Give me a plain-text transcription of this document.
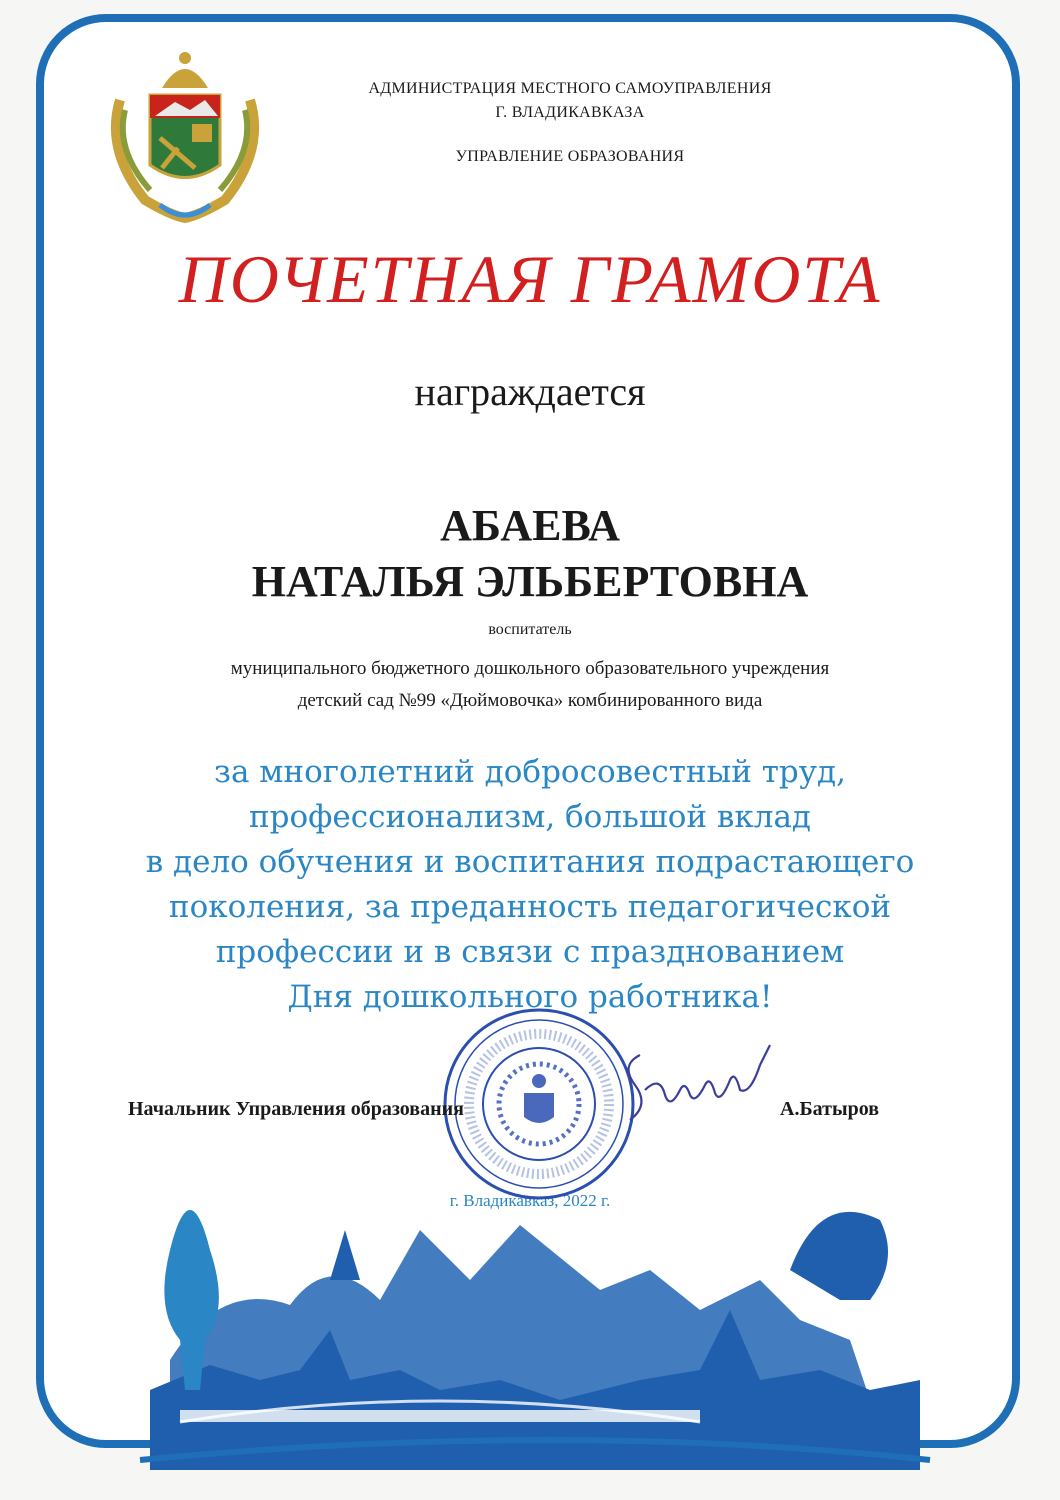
АДМИНИСТРАЦИЯ МЕСТНОГО САМОУПРАВЛЕНИЯ
Г. ВЛАДИКАВКАЗА
УПРАВЛЕНИЕ ОБРАЗОВАНИЯ
ПОЧЕТНАЯ ГРАМОТА
награждается
АБАЕВА
НАТАЛЬЯ ЭЛЬБЕРТОВНА
воспитатель
муниципального бюджетного дошкольного образовательного учреждения
детский сад №99 «Дюймовочка» комбинированного вида
за многолетний добросовестный труд,
профессионализм, большой вклад
в дело обучения и воспитания подрастающего
поколения, за преданность педагогической
профессии и в связи с празднованием
Дня дошкольного работника!
г. Владикавказ, 2022 г.
Начальник Управления образования	А.Батыров
